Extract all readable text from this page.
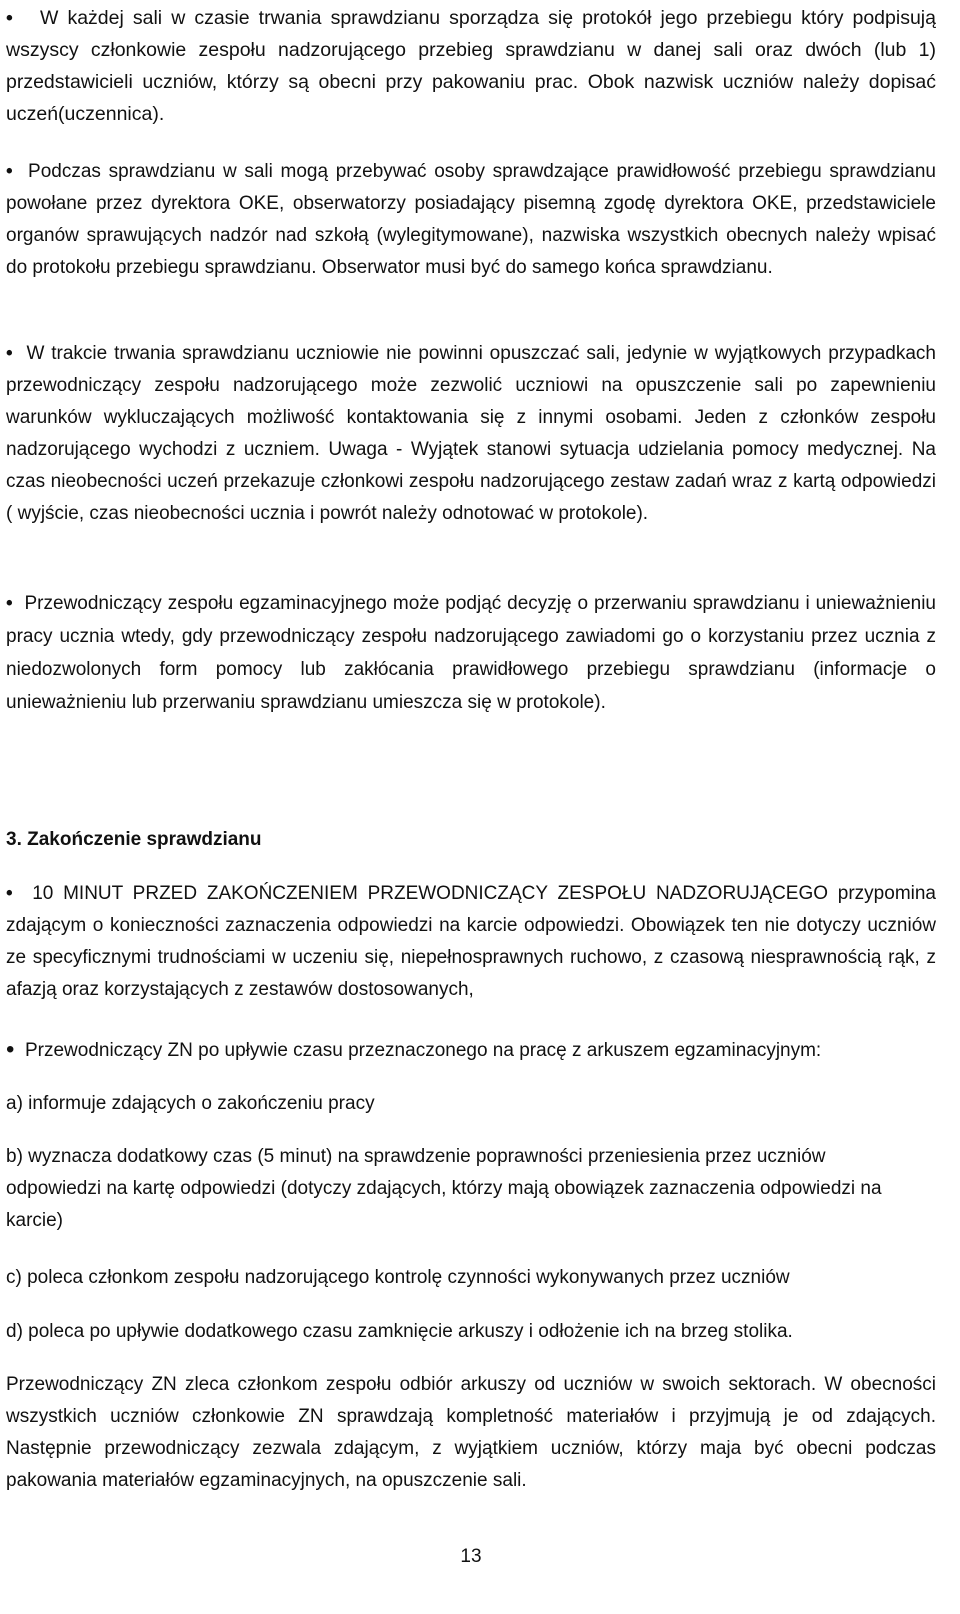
• W każdej sali w czasie trwania sprawdzianu sporządza się protokół jego przebiegu który podpisują wszyscy członkowie zespołu nadzorującego przebieg sprawdzianu w danej sali oraz dwóch (lub 1) przedstawicieli uczniów, którzy są obecni przy pakowaniu prac. Obok nazwisk uczniów należy dopisać uczeń(uczennica).

• Podczas sprawdzianu w sali mogą przebywać osoby sprawdzające prawidłowość przebiegu sprawdzianu powołane przez dyrektora OKE, obserwatorzy posiadający pisemną zgodę dyrektora OKE, przedstawiciele organów sprawujących nadzór nad szkołą (wylegitymowane), nazwiska wszystkich obecnych należy wpisać do protokołu przebiegu sprawdzianu. Obserwator musi być do samego końca sprawdzianu.

• W trakcie trwania sprawdzianu uczniowie nie powinni opuszczać sali, jedynie w wyjątkowych przypadkach przewodniczący zespołu nadzorującego może zezwolić uczniowi na opuszczenie sali po zapewnieniu warunków wykluczających możliwość kontaktowania się z innymi osobami. Jeden z członków zespołu nadzorującego wychodzi z uczniem. Uwaga - Wyjątek stanowi sytuacja udzielania pomocy medycznej. Na czas nieobecności uczeń przekazuje członkowi zespołu nadzorującego zestaw zadań wraz z kartą odpowiedzi ( wyjście, czas nieobecności ucznia i powrót należy odnotować w protokole).

• Przewodniczący zespołu egzaminacyjnego może podjąć decyzję o przerwaniu sprawdzianu i unieważnieniu pracy ucznia wtedy, gdy przewodniczący zespołu nadzorującego zawiadomi go o korzystaniu przez ucznia z niedozwolonych form pomocy lub zakłócania prawidłowego przebiegu sprawdzianu (informacje o unieważnieniu lub przerwaniu sprawdzianu umieszcza się w protokole).

3. Zakończenie sprawdzianu

• 10 MINUT PRZED ZAKOŃCZENIEM PRZEWODNICZĄCY ZESPOŁU NADZORUJĄCEGO przypomina zdającym o konieczności zaznaczenia odpowiedzi na karcie odpowiedzi. Obowiązek ten nie dotyczy uczniów ze specyficznymi trudnościami w uczeniu się, niepełnosprawnych ruchowo, z czasową niesprawnością rąk, z afazją oraz korzystających z zestawów dostosowanych,

• Przewodniczący ZN po upływie czasu przeznaczonego na pracę z arkuszem egzaminacyjnym:

a) informuje zdających o zakończeniu pracy

b) wyznacza dodatkowy czas (5 minut) na sprawdzenie poprawności przeniesienia przez uczniów odpowiedzi na kartę odpowiedzi (dotyczy zdających, którzy mają obowiązek zaznaczenia odpowiedzi na karcie)

c) poleca członkom zespołu nadzorującego kontrolę czynności wykonywanych przez uczniów

d) poleca po upływie dodatkowego czasu zamknięcie arkuszy i odłożenie ich na brzeg stolika.

Przewodniczący ZN zleca członkom zespołu odbiór arkuszy od uczniów w swoich sektorach. W obecności wszystkich uczniów członkowie ZN sprawdzają kompletność materiałów i przyjmują je od zdających. Następnie przewodniczący zezwala zdającym, z wyjątkiem uczniów, którzy maja być obecni podczas pakowania materiałów egzaminacyjnych, na opuszczenie sali.

13
